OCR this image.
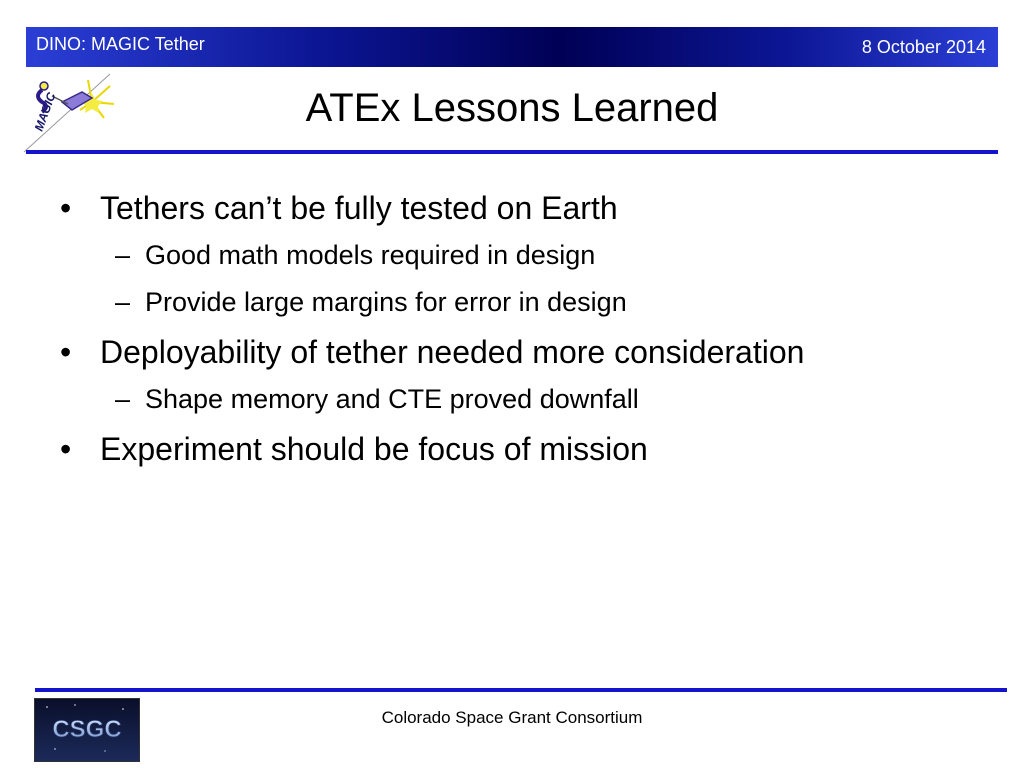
DINO: MAGIC Tether	8 October 2014
MAGIC	ATEx Lessons Learned
• Tethers can’t be fully tested on Earth
– Good math models required in design
– Provide large margins for error in design
• Deployability of tether needed more consideration
– Shape memory and CTE proved downfall
• Experiment should be focus of mission
CSGC	Colorado Space Grant Consortium
